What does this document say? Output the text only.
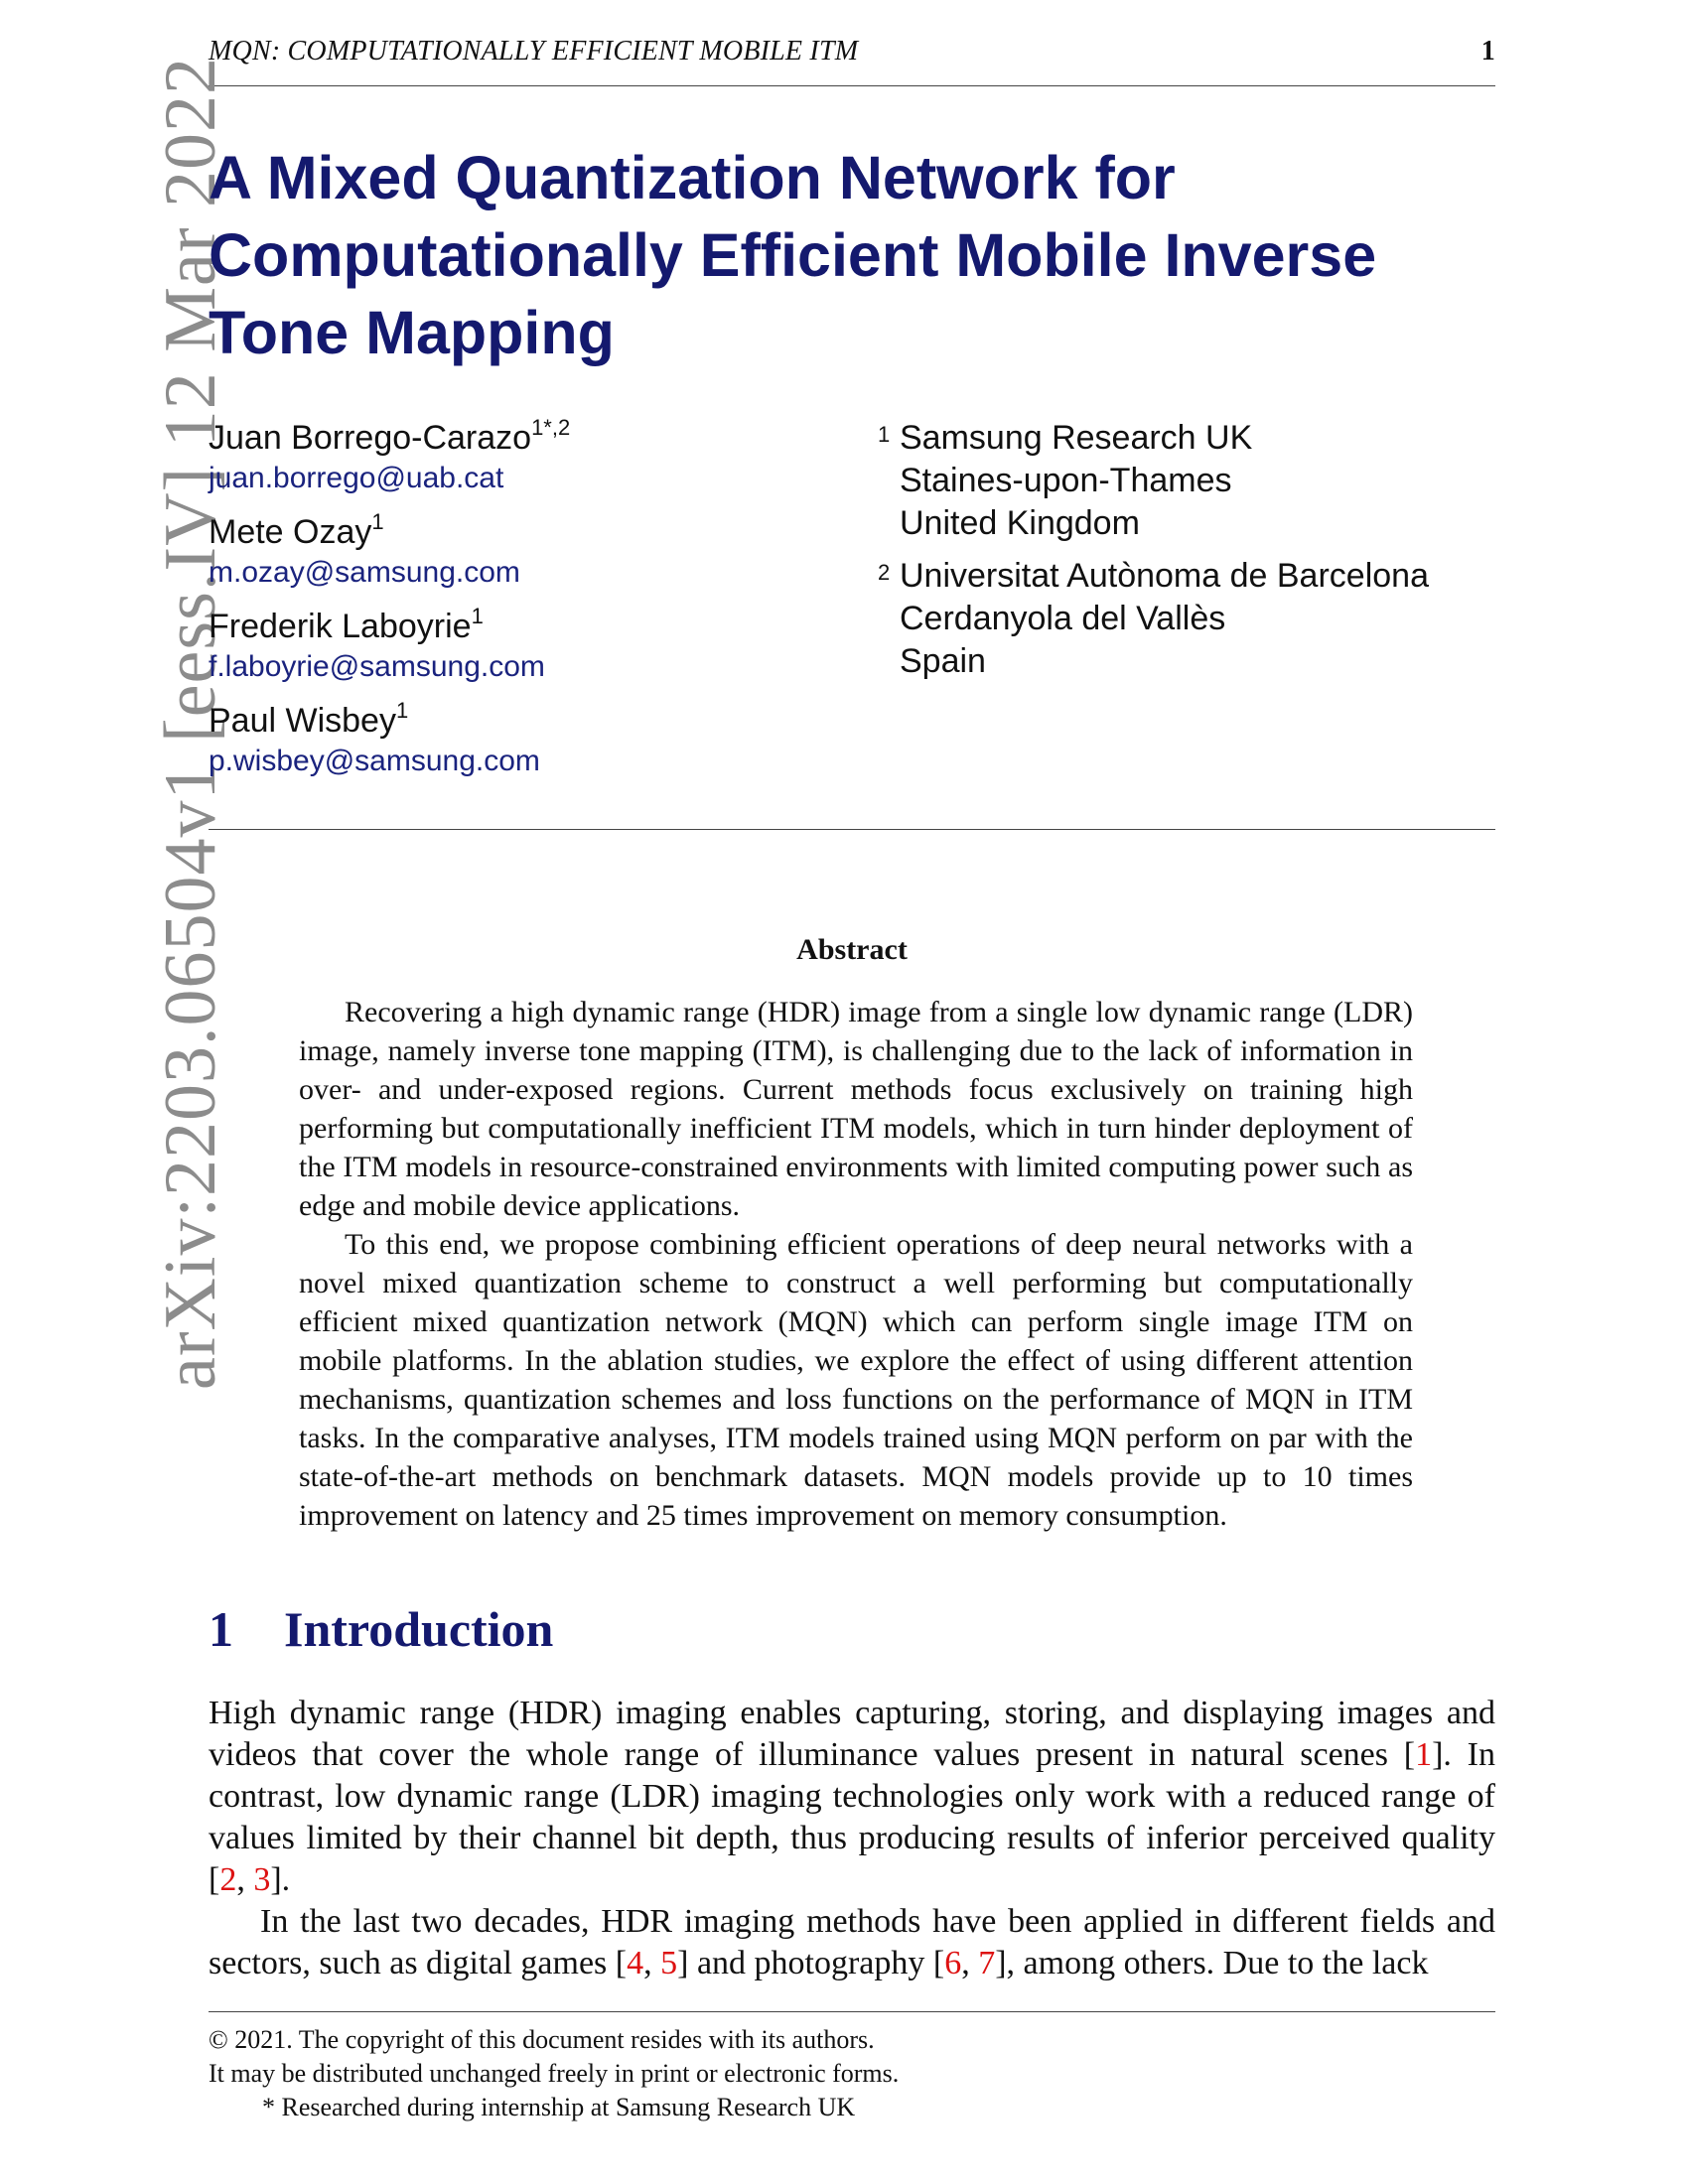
MQN: COMPUTATIONALLY EFFICIENT MOBILE ITM	1
arXiv:2203.06504v1 [eess.IV] 12 Mar 2022
A Mixed Quantization Network for
Computationally Efficient Mobile Inverse
Tone Mapping
Juan Borrego-Carazo$^{1*,2}$
juan.borrego@uab.cat
Mete Ozay$^1$
m.ozay@samsung.com
Frederik Laboyrie$^1$
f.laboyrie@samsung.com
Paul Wisbey$^1$
p.wisbey@samsung.com
1 Samsung Research UK
Staines-upon-Thames
United Kingdom
2 Universitat Autònoma de Barcelona
Cerdanyola del Vallès
Spain
Abstract

Recovering a high dynamic range (HDR) image from a single low dynamic range (LDR) image, namely inverse tone mapping (ITM), is challenging due to the lack of information in over- and under-exposed regions. Current methods focus exclusively on training high performing but computationally inefficient ITM models, which in turn hinder deployment of the ITM models in resource-constrained environments with limited computing power such as edge and mobile device applications.

To this end, we propose combining efficient operations of deep neural networks with a novel mixed quantization scheme to construct a well performing but computationally efficient mixed quantization network (MQN) which can perform single image ITM on mobile platforms. In the ablation studies, we explore the effect of using different attention mechanisms, quantization schemes and loss functions on the performance of MQN in ITM tasks. In the comparative analyses, ITM models trained using MQN perform on par with the state-of-the-art methods on benchmark datasets. MQN models provide up to 10 times improvement on latency and 25 times improvement on memory consumption.

1 Introduction

High dynamic range (HDR) imaging enables capturing, storing, and displaying images and videos that cover the whole range of illuminance values present in natural scenes [1]. In contrast, low dynamic range (LDR) imaging technologies only work with a reduced range of values limited by their channel bit depth, thus producing results of inferior perceived quality [2, 3].

In the last two decades, HDR imaging methods have been applied in different fields and sectors, such as digital games [4, 5] and photography [6, 7], among others. Due to the lack

© 2021. The copyright of this document resides with its authors.
It may be distributed unchanged freely in print or electronic forms.
* Researched during internship at Samsung Research UK
